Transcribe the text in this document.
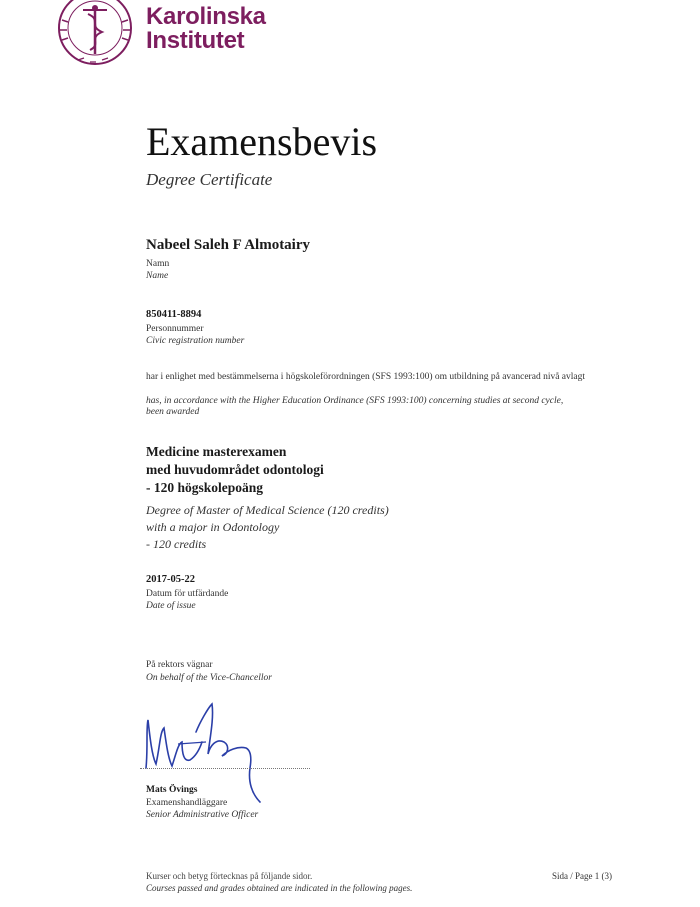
Karolinska
Institutet
Examensbevis
Degree Certificate
Nabeel Saleh F Almotairy
Namn
Name
850411-8894
Personnummer
Civic registration number
har i enlighet med bestämmelserna i högskoleförordningen (SFS 1993:100) om utbildning på avancerad nivå avlagt
has, in accordance with the Higher Education Ordinance (SFS 1993:100) concerning studies at second cycle,
been awarded
Medicine masterexamen
med huvudområdet odontologi
- 120 högskolepoäng
Degree of Master of Medical Science (120 credits)
with a major in Odontology
- 120 credits
2017-05-22
Datum för utfärdande
Date of issue
På rektors vägnar
On behalf of the Vice-Chancellor
Mats Övings
Examenshandläggare
Senior Administrative Officer
Kurser och betyg förtecknas på följande sidor.
Courses passed and grades obtained are indicated in the following pages.
Sida / Page 1 (3)
